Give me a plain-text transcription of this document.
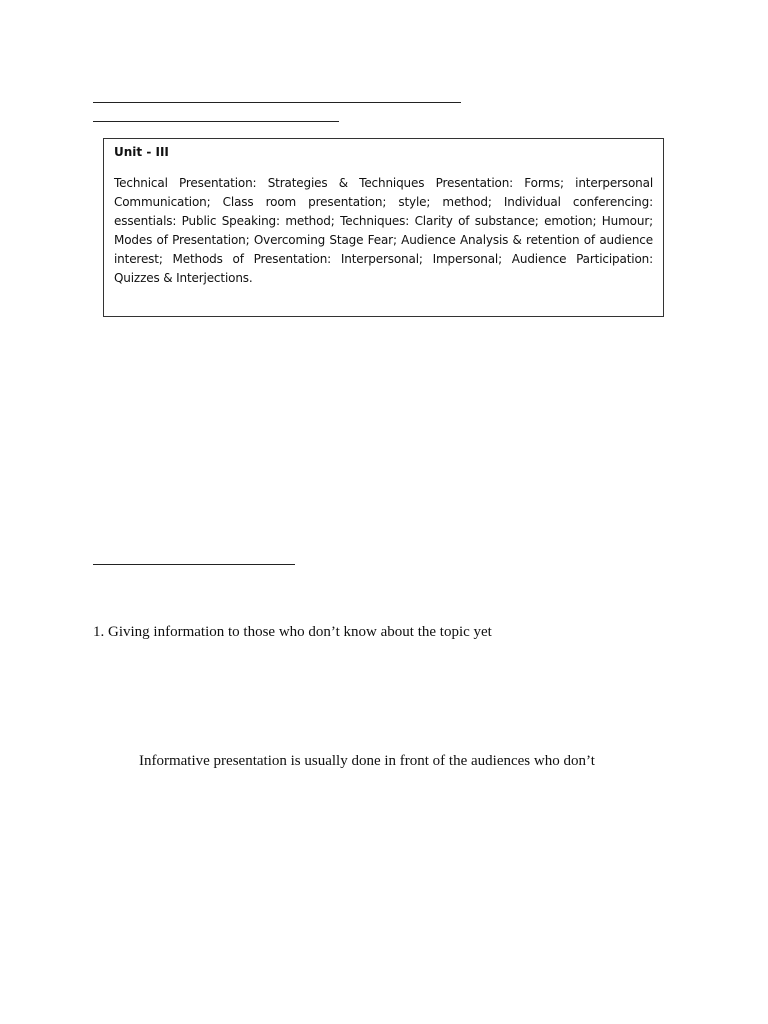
Unit - III

Technical Presentation: Strategies & Techniques Presentation: Forms; interpersonal Communication; Class room presentation; style; method; Individual conferencing: essentials: Public Speaking: method; Techniques: Clarity of substance; emotion; Humour; Modes of Presentation; Overcoming Stage Fear; Audience Analysis & retention of audience interest; Methods of Presentation: Interpersonal; Impersonal; Audience Participation: Quizzes & Interjections.

1. Giving information to those who don’t know about the topic yet
Informative presentation is usually done in front of the audiences who don’t
